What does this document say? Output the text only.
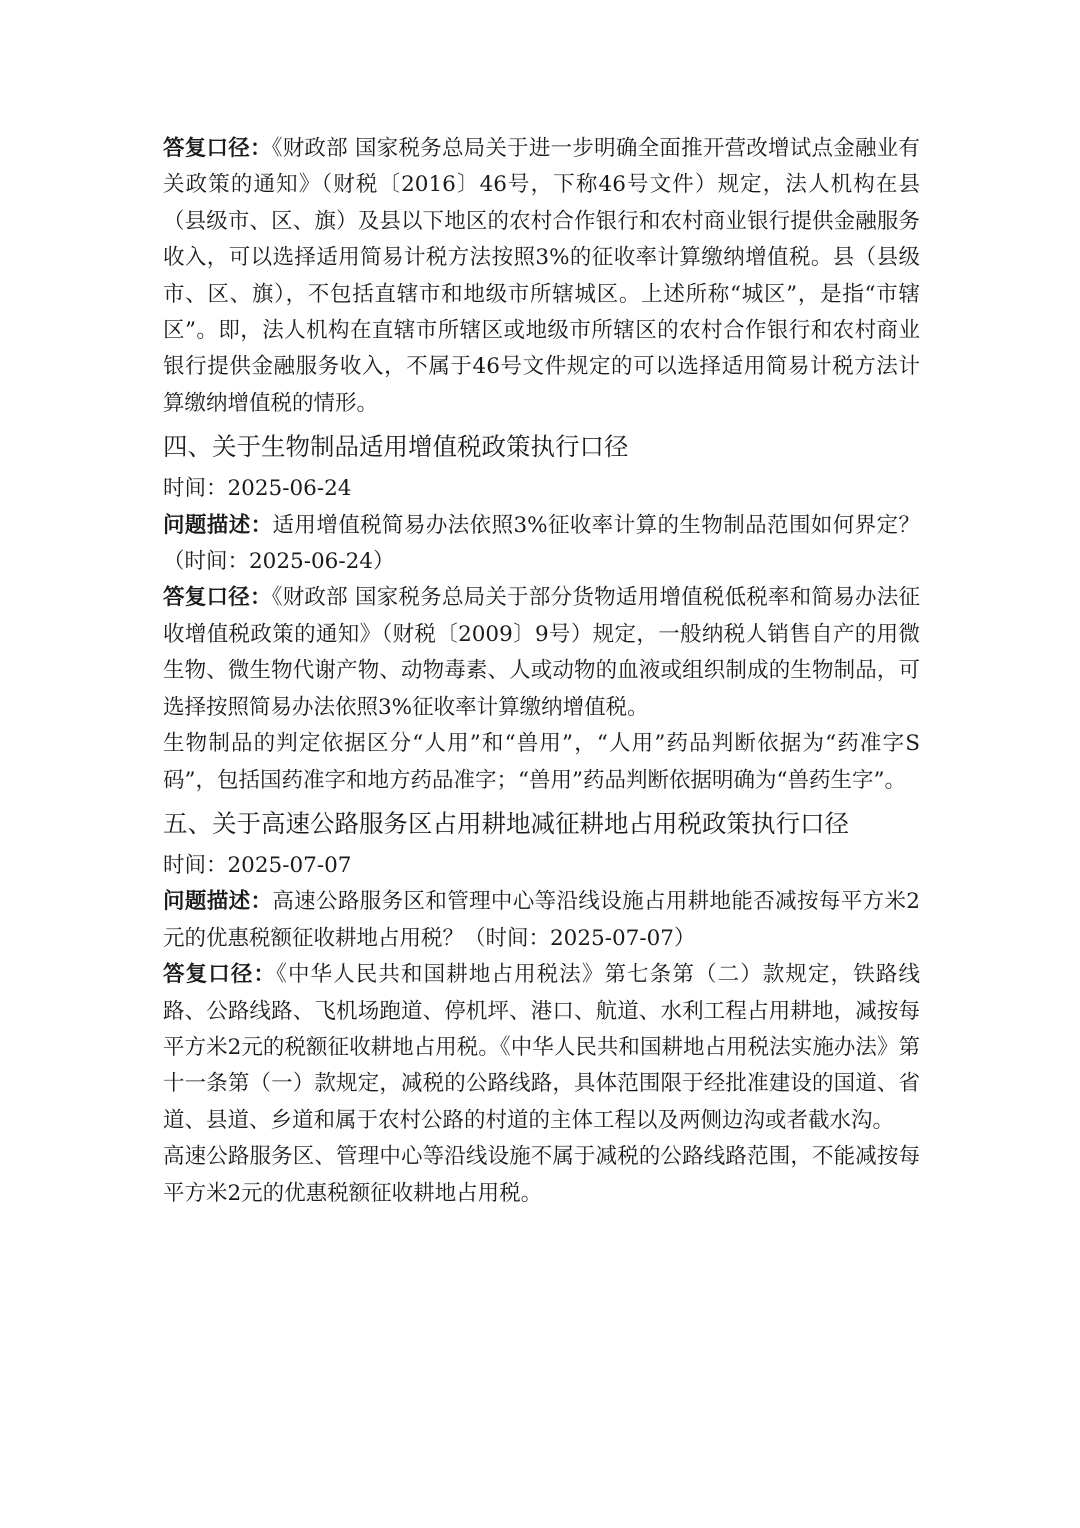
答复口径：《财政部 国家税务总局关于进一步明确全面推开营改增试点金融业有关政策的通知》（财税〔2016〕46号，下称46号文件）规定，法人机构在县（县级市、区、旗）及县以下地区的农村合作银行和农村商业银行提供金融服务收入，可以选择适用简易计税方法按照3%的征收率计算缴纳增值税。县（县级市、区、旗），不包括直辖市和地级市所辖城区。上述所称“城区”，是指“市辖区”。即，法人机构在直辖市所辖区或地级市所辖区的农村合作银行和农村商业银行提供金融服务收入，不属于46号文件规定的可以选择适用简易计税方法计算缴纳增值税的情形。

四、关于生物制品适用增值税政策执行口径

时间：2025-06-24

问题描述：适用增值税简易办法依照3%征收率计算的生物制品范围如何界定？（时间：2025-06-24）

答复口径：《财政部 国家税务总局关于部分货物适用增值税低税率和简易办法征收增值税政策的通知》（财税〔2009〕9号）规定，一般纳税人销售自产的用微生物、微生物代谢产物、动物毒素、人或动物的血液或组织制成的生物制品，可选择按照简易办法依照3%征收率计算缴纳增值税。

生物制品的判定依据区分“人用”和“兽用”，“人用”药品判断依据为“药准字S码”，包括国药准字和地方药品准字；“兽用”药品判断依据明确为“兽药生字”。

五、关于高速公路服务区占用耕地减征耕地占用税政策执行口径

时间：2025-07-07

问题描述：高速公路服务区和管理中心等沿线设施占用耕地能否减按每平方米2元的优惠税额征收耕地占用税？（时间：2025-07-07）

答复口径：《中华人民共和国耕地占用税法》第七条第（二）款规定，铁路线路、公路线路、飞机场跑道、停机坪、港口、航道、水利工程占用耕地，减按每平方米2元的税额征收耕地占用税。《中华人民共和国耕地占用税法实施办法》第十一条第（一）款规定，减税的公路线路，具体范围限于经批准建设的国道、省道、县道、乡道和属于农村公路的村道的主体工程以及两侧边沟或者截水沟。

高速公路服务区、管理中心等沿线设施不属于减税的公路线路范围，不能减按每平方米2元的优惠税额征收耕地占用税。
